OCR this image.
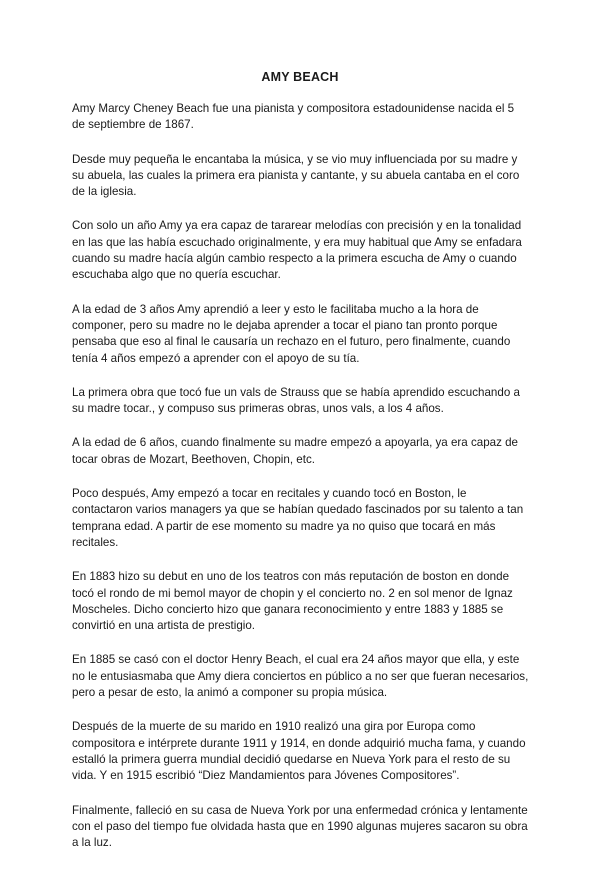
AMY BEACH

Amy Marcy Cheney Beach fue una pianista y compositora estadounidense nacida el 5 de septiembre de 1867.

Desde muy pequeña le encantaba la música, y se vio muy influenciada por su madre y su abuela, las cuales la primera era pianista y cantante, y su abuela cantaba en el coro de la iglesia.

Con solo un año Amy ya era capaz de tararear melodías con precisión y en la tonalidad en las que las había escuchado originalmente, y era muy habitual que Amy se enfadara cuando su madre hacía algún cambio respecto a la primera escucha de Amy o cuando escuchaba algo que no quería escuchar.

A la edad de 3 años Amy aprendió a leer y esto le facilitaba mucho a la hora de componer, pero su madre no le dejaba aprender a tocar el piano tan pronto porque pensaba que eso al final le causaría un rechazo en el futuro, pero finalmente, cuando tenía 4 años empezó a aprender con el apoyo de su tía.

La primera obra que tocó fue un vals de Strauss que se había aprendido escuchando a su madre tocar., y compuso sus primeras obras, unos vals, a los 4 años.

A la edad de 6 años, cuando finalmente su madre empezó a apoyarla, ya era capaz de tocar obras de Mozart, Beethoven, Chopin, etc.

Poco después, Amy empezó a tocar en recitales y cuando tocó en Boston, le contactaron varios managers ya que se habían quedado fascinados por su talento a tan temprana edad. A partir de ese momento su madre ya no quiso que tocará en más recitales.

En 1883 hizo su debut en uno de los teatros con más reputación de boston en donde tocó el rondo de mi bemol mayor de chopin y el concierto no. 2 en sol menor de Ignaz Moscheles. Dicho concierto hizo que ganara reconocimiento y entre 1883 y 1885 se convirtió en una artista de prestigio.

En 1885 se casó con el doctor Henry Beach, el cual era 24 años mayor que ella, y este no le entusiasmaba que Amy diera conciertos en público a no ser que fueran necesarios, pero a pesar de esto, la animó a componer su propia música.

Después de la muerte de su marido en 1910 realizó una gira por Europa como compositora e intérprete durante 1911 y 1914, en donde adquirió mucha fama, y cuando estalló la primera guerra mundial decidió quedarse en Nueva York para el resto de su vida. Y en 1915 escribió “Diez Mandamientos para Jóvenes Compositores”.

Finalmente, falleció en su casa de Nueva York por una enfermedad crónica y lentamente con el paso del tiempo fue olvidada hasta que en 1990 algunas mujeres sacaron su obra a la luz.
